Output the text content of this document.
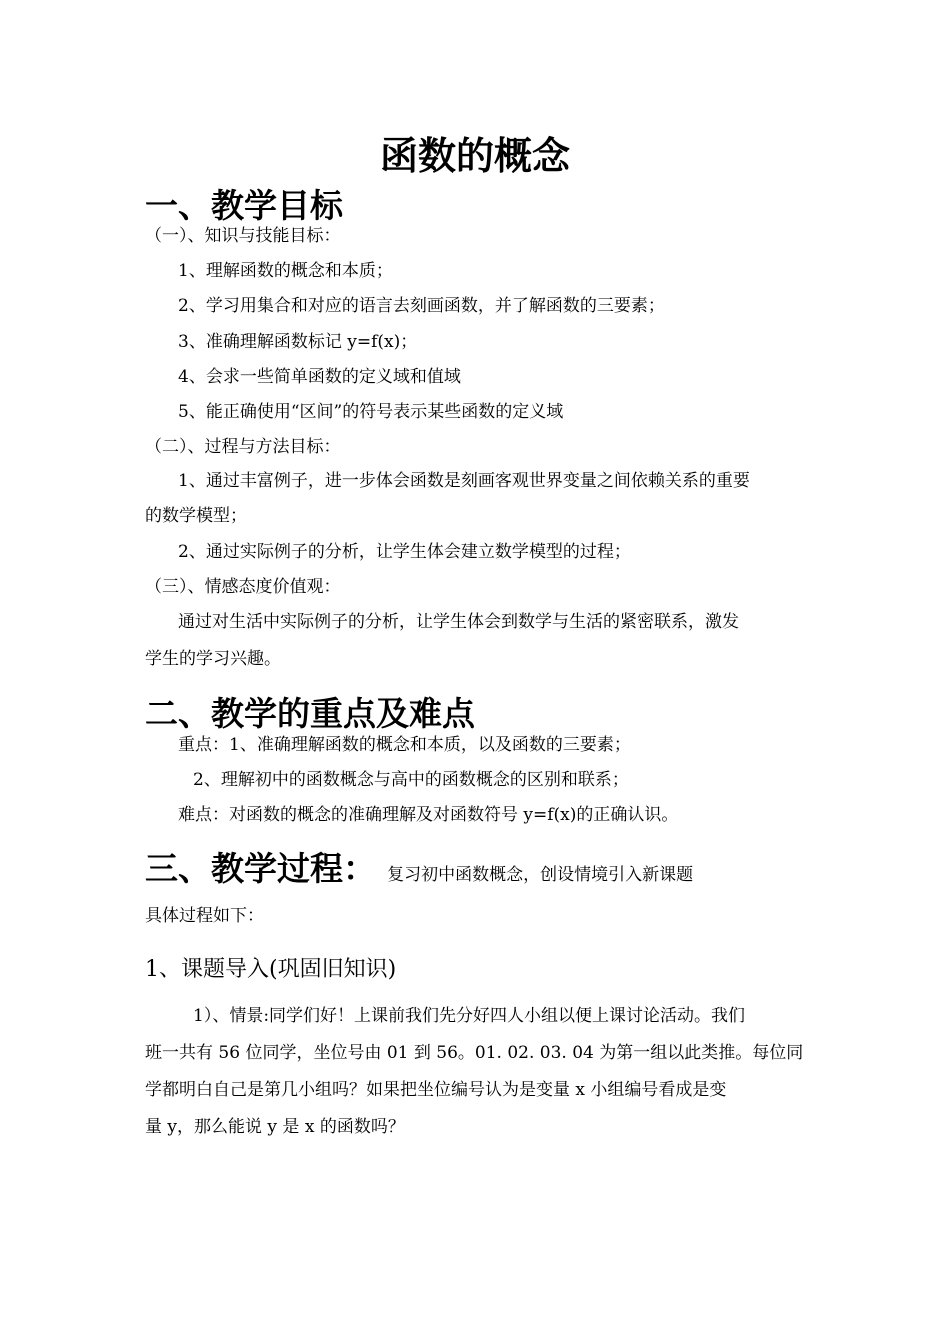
函数的概念
一、教学目标
（一）、知识与技能目标：
1、理解函数的概念和本质；
2、学习用集合和对应的语言去刻画函数，并了解函数的三要素；
3、准确理解函数标记 y=f(x)；
4、会求一些简单函数的定义域和值域
5、能正确使用“区间”的符号表示某些函数的定义域
（二）、过程与方法目标：
1、通过丰富例子，进一步体会函数是刻画客观世界变量之间依赖关系的重要
的数学模型；
2、通过实际例子的分析，让学生体会建立数学模型的过程；
（三）、情感态度价值观：
通过对生活中实际例子的分析，让学生体会到数学与生活的紧密联系，激发
学生的学习兴趣。
二、教学的重点及难点
重点：1、准确理解函数的概念和本质，以及函数的三要素；
2、理解初中的函数概念与高中的函数概念的区别和联系；
难点：对函数的概念的准确理解及对函数符号 y=f(x)的正确认识。
三、教学过程： 复习初中函数概念，创设情境引入新课题
具体过程如下：
1、课题导入(巩固旧知识)
1）、情景:同学们好！上课前我们先分好四人小组以便上课讨论活动。我们
班一共有 56 位同学，坐位号由 01 到 56。01. 02. 03. 04 为第一组以此类推。每位同
学都明白自己是第几小组吗？如果把坐位编号认为是变量 x 小组编号看成是变
量 y，那么能说 y 是 x 的函数吗？
